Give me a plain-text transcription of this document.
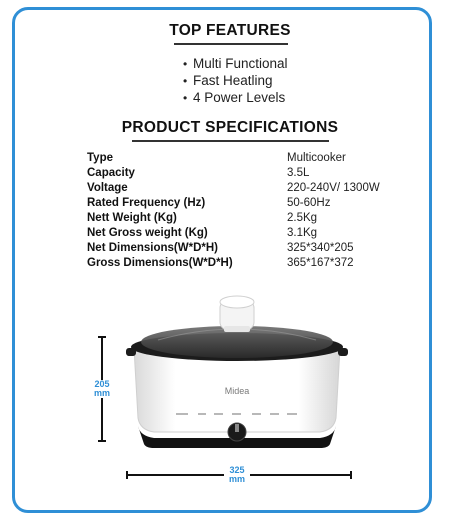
TOP FEATURES
• Multi Functional
• Fast Heatling
• 4 Power Levels
PRODUCT SPECIFICATIONS
Type	Multicooker
Capacity	3.5L
Voltage	220-240V/ 1300W
Rated Frequency (Hz)	50-60Hz
Nett Weight (Kg)	2.5Kg
Net Gross weight (Kg)	3.1Kg
Net Dimensions(W*D*H)	325*340*205
Gross Dimensions(W*D*H)	365*167*372
205
mm
325
mm
Midea
